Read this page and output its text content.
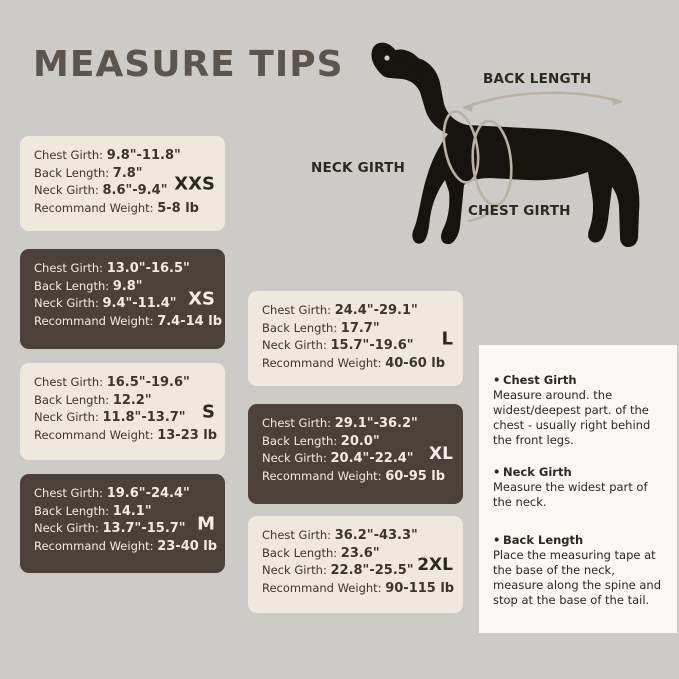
MEASURE TIPS	BACK LENGTH
NECK GIRTH
CHEST GIRTH
Chest Girth: 9.8"-11.8"
Back Length: 7.8"
Neck Girth: 8.6"-9.4"
Recommand Weight: 5-8 lb
XXS
Chest Girth: 13.0"-16.5"
Back Length: 9.8"
Neck Girth: 9.4"-11.4"
Recommand Weight: 7.4-14 lb
XS
Chest Girth: 16.5"-19.6"
Back Length: 12.2"
Neck Girth: 11.8"-13.7"
Recommand Weight: 13-23 lb
S
Chest Girth: 19.6"-24.4"
Back Length: 14.1"
Neck Girth: 13.7"-15.7"
Recommand Weight: 23-40 lb
M
Chest Girth: 24.4"-29.1"
Back Length: 17.7"
Neck Girth: 15.7"-19.6"
Recommand Weight: 40-60 lb
L
Chest Girth: 29.1"-36.2"
Back Length: 20.0"
Neck Girth: 20.4"-22.4"
Recommand Weight: 60-95 lb
XL
Chest Girth: 36.2"-43.3"
Back Length: 23.6"
Neck Girth: 22.8"-25.5"
Recommand Weight: 90-115 lb
2XL
• Chest Girth
Measure around. the widest/deepest part. of the chest - usually right behind the front legs.
• Neck Girth
Measure the widest part of the neck.
• Back Length
Place the measuring tape at the base of the neck, measure along the spine and stop at the base of the tail.
